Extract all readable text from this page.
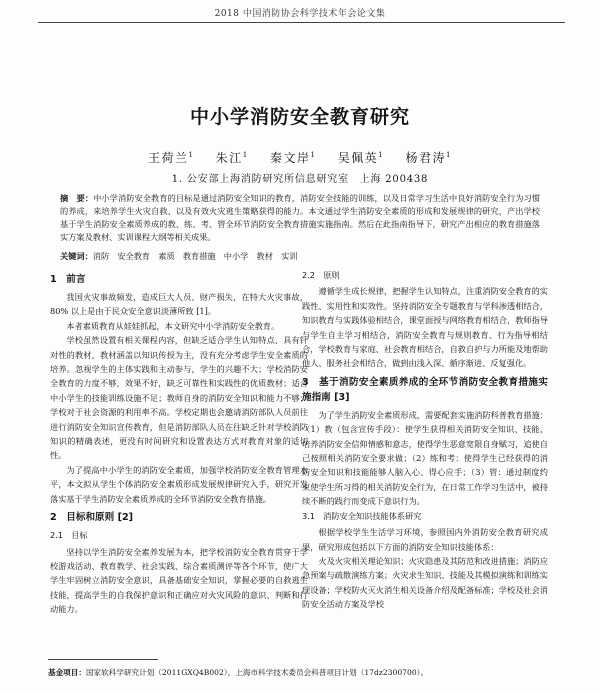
2018 中国消防协会科学技术年会论文集
中小学消防安全教育研究
王荷兰$^1$ 朱江$^1$ 秦文岸$^1$ 吴佩英$^1$ 杨君涛$^1$
1. 公安部上海消防研究所信息研究室　上海 200438
摘　要：中小学消防安全教育的目标是通过消防安全知识的教育，消防安全技能的训练，以及日常学习生活中良好消防安全行为习惯的养成，来培养学生火灾自救、以及有效火灾逃生策略获得的能力。本文通过学生消防安全素质的形成和发展规律的研究，产出学校基于学生消防安全素质养成的教、练、考、管全环节消防安全教育措施实施指南。然后在此指南指导下，研究产出相应的教育措施落实方案及教材、实训课程大纲等相关成果。
关键词：消防　安全教育　素质　教育措施　中小学　教材　实训
1　前言

我国火灾事故频发，造成巨大人员、财产损失，在特大火灾事故，80% 以上是由于民众安全意识淡薄所致 [1]。

本者素质教育从娃娃抓起，本文研究中小学消防安全教育。

学校虽然设置有相关课程内容，但缺乏适合学生认知特点、具有针对性的教材，教材涵盖以知识传授为主，没有充分考虑学生安全素质的培养。忽视学生的主体实践和主动参与，学生的兴趣不大；学校消防安全教育的力度不够，效果不好，缺乏可靠性和实践性的优质教材；适合中小学生的技能训练设施不足；教师自身的消防安全知识和能力不够；学校对于社会资源的利用率不高。学校定期也会邀请消防部队人员前往进行消防安全知识宣传教育，但是消防部队人员在往缺乏针对学校消防知识的精确表述，更没有时间研究和设置表达方式对教育对象的适切性。

为了提高中小学生的消防安全素质，加强学校消防安全教育管理水平，本文拟从学生个体消防安全素质形成发展规律研究入手，研究开发落实基于学生消防安全素质养成的全环节消防安全教育措施。

2　目标和原则 [2]
2.1　目标

坚持以学生消防安全素养发展为本，把学校消防安全教育贯穿于学校游戏活动、教育教学、社会实践、综合素质测评等各个环节，使广大学生牢固树立消防安全意识，具备基础安全知识，掌握必要的自救逃生技能，提高学生的自我保护意识和正确应对火灾风险的意识、判断和行动能力。

2.2　原则

遵循学生成长规律，把握学生认知特点，注重消防安全教育的实践性、实用性和实效性。坚持消防安全专题教育与学科渗透相结合，知识教育与实践体验相结合，课堂面授与网络教育相结合，教师指导与学生自主学习相结合，消防安全教育与规则教育、行为指导相结合，学校教育与家庭、社会教育相结合，自救自护与力所能及地帮助他人、服务社会相结合，做到由浅入深、循序渐进、反复强化。

3　基于消防安全素质养成的全环节消防安全教育措施实施指南 [3]

为了学生消防安全素质形成，需要配套实施消防科普教育措施：（1）教（包含宣传手段）：使学生获得相关消防安全知识、技能，培养消防安全信仰情感和意志，使得学生恶意宽限自身赋习，追使自己按照相关消防安全要求做；（2）练和考：使得学生已经获得的消防安全知识和技能能够人脑入心、得心应手；（3）管：通过制度约束使学生所习得的相关消防安全行为，在日常工作学习生活中，被持续不断的践行而变成下意识行为。

3.1　消防安全知识技能体系研究

根据学校学生生活学习环境，参照国内外消防安全教育研究成果，研究形成包括以下方面的消防安全知识技能体系：

火及火灾相关理论知识；火灾隐患及其防范和改进措施；消防应急预案与疏散演练方案；火灾求生知识、技能及其模拟演练和训练实现设备；学校防火灭火消生相关设备介绍及配备标准；学校及社会消防安全活动方案及学校

基金项目：国家软科学研究计划（2011GXQ4B002），上海市科学技术委员会科普项目计划（17dz2300700）。
